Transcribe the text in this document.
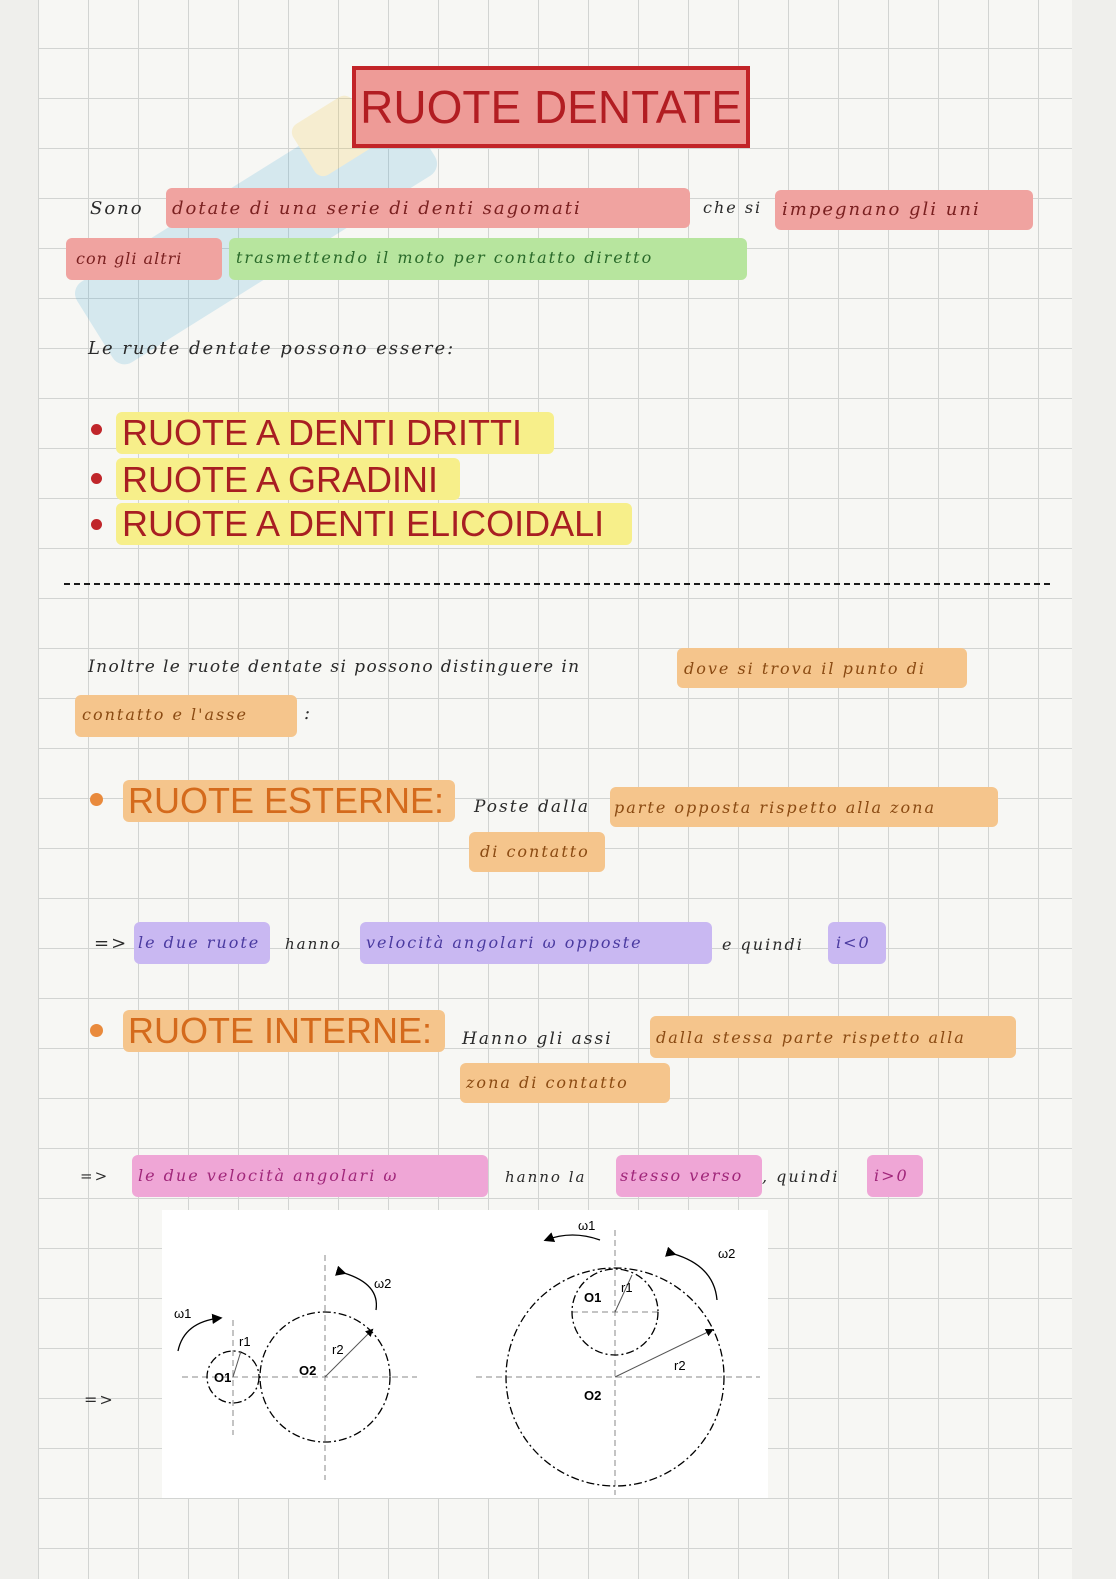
RUOTE DENTATE
Sono dotate di una serie di denti sagomati	che si impegnano gli uni
con gli altri	trasmettendo il moto per contatto diretto
Le ruote dentate possono essere:
RUOTE A DENTI DRITTI
RUOTE A GRADINI
RUOTE A DENTI ELICOIDALI
Inoltre le ruote dentate si possono distinguere in	dove si trova il punto di
contatto e l'asse	:
RUOTE ESTERNE: Poste dalla parte opposta rispetto alla zona
di contatto
=> le due ruote hanno velocità angolari ω opposte	e quindi i<0
RUOTE INTERNE: Hanno gli assi	dalla stessa parte rispetto alla
zona di contatto
=> le due velocità angolari ω	hanno la stesso verso , quindi i>0
=>
ω1
ω2
r1
r2
O1	O2
ω1
ω2
r1
r2
O1
O2
